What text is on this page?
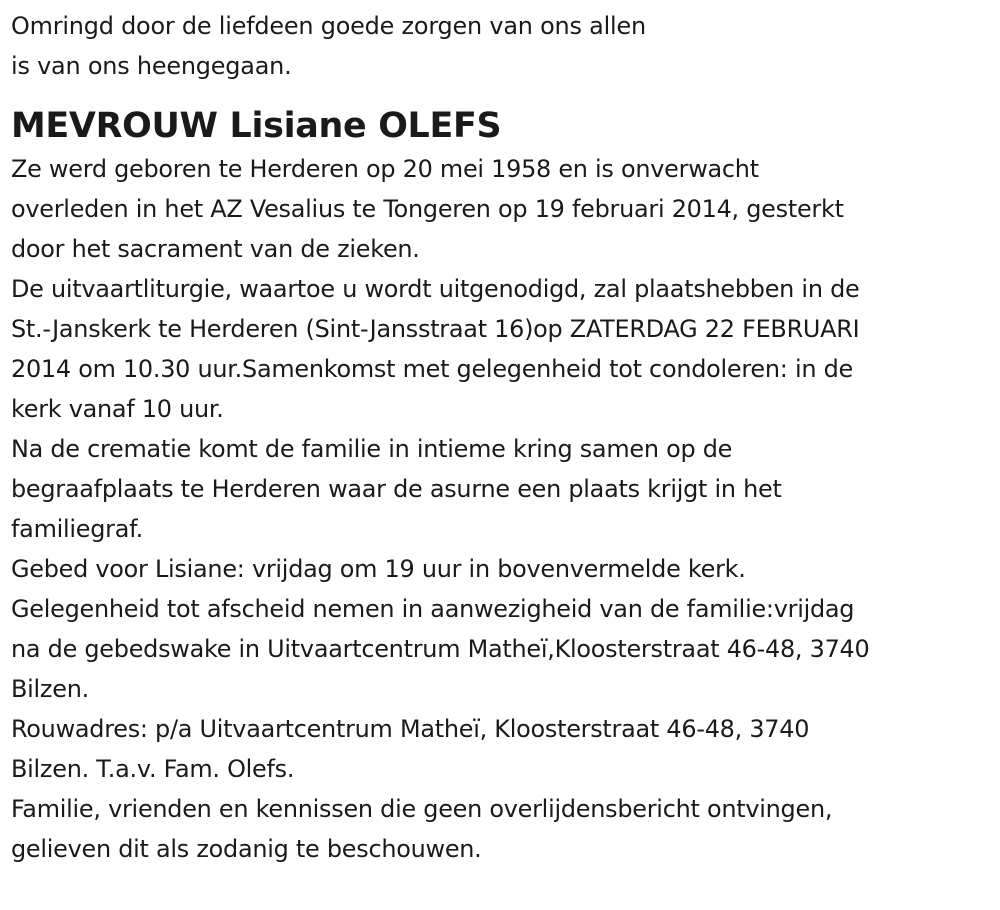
Omringd door de liefdeen goede zorgen van ons allen

is van ons heengegaan.

MEVROUW Lisiane OLEFS

Ze werd geboren te Herderen op 20 mei 1958 en is onverwacht

overleden in het AZ Vesalius te Tongeren op 19 februari 2014, gesterkt

door het sacrament van de zieken.

De uitvaartliturgie, waartoe u wordt uitgenodigd, zal plaatshebben in de

St.-Janskerk te Herderen (Sint-Jansstraat 16)op ZATERDAG 22 FEBRUARI

2014 om 10.30 uur.Samenkomst met gelegenheid tot condoleren: in de

kerk vanaf 10 uur.

Na de crematie komt de familie in intieme kring samen op de

begraafplaats te Herderen waar de asurne een plaats krijgt in het

familiegraf.

Gebed voor Lisiane: vrijdag om 19 uur in bovenvermelde kerk.

Gelegenheid tot afscheid nemen in aanwezigheid van de familie:vrijdag

na de gebedswake in Uitvaartcentrum Matheï,Kloosterstraat 46-48, 3740

Bilzen.

Rouwadres: p/a Uitvaartcentrum Matheï, Kloosterstraat 46-48, 3740

Bilzen. T.a.v. Fam. Olefs.

Familie, vrienden en kennissen die geen overlijdensbericht ontvingen,

gelieven dit als zodanig te beschouwen.
